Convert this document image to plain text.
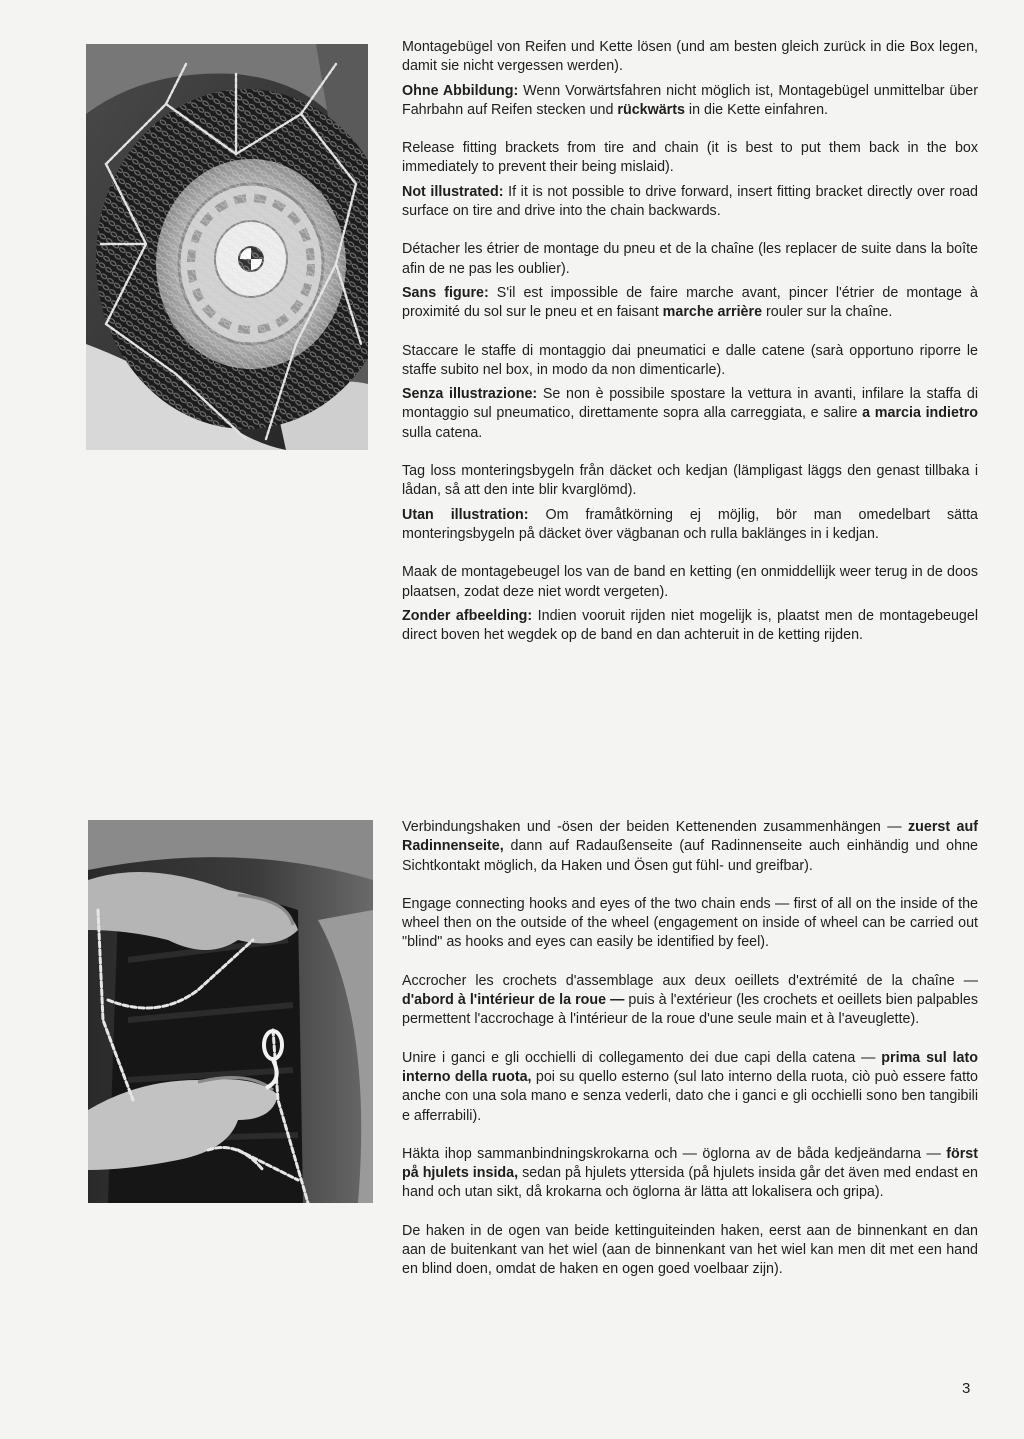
Montagebügel von Reifen und Kette lösen (und am besten gleich zurück in die Box legen, damit sie nicht vergessen werden).

Ohne Abbildung: Wenn Vorwärtsfahren nicht möglich ist, Montagebügel unmittelbar über Fahrbahn auf Reifen stecken und rückwärts in die Kette einfahren.

Release fitting brackets from tire and chain (it is best to put them back in the box immediately to prevent their being mislaid).

Not illustrated: If it is not possible to drive forward, insert fitting bracket directly over road surface on tire and drive into the chain backwards.

Détacher les étrier de montage du pneu et de la chaîne (les replacer de suite dans la boîte afin de ne pas les oublier).

Sans figure: S'il est impossible de faire marche avant, pincer l'étrier de montage à proximité du sol sur le pneu et en faisant marche arrière rouler sur la chaîne.

Staccare le staffe di montaggio dai pneumatici e dalle catene (sarà opportuno riporre le staffe subito nel box, in modo da non dimenticarle).

Senza illustrazione: Se non è possibile spostare la vettura in avanti, infilare la staffa di montaggio sul pneumatico, direttamente sopra alla carreggiata, e salire a marcia indietro sulla catena.

Tag loss monteringsbygeln från däcket och kedjan (lämpligast läggs den genast tillbaka i lådan, så att den inte blir kvarglömd).

Utan illustration: Om framåtkörning ej möjlig, bör man omedelbart sätta monteringsbygeln på däcket över vägbanan och rulla baklänges in i kedjan.

Maak de montagebeugel los van de band en ketting (en onmiddellijk weer terug in de doos plaatsen, zodat deze niet wordt vergeten).

Zonder afbeelding: Indien vooruit rijden niet mogelijk is, plaatst men de montagebeugel direct boven het wegdek op de band en dan achteruit in de ketting rijden.

Verbindungshaken und -ösen der beiden Kettenenden zusammenhängen — zuerst auf Radinnenseite, dann auf Radaußenseite (auf Radinnenseite auch einhändig und ohne Sichtkontakt möglich, da Haken und Ösen gut fühl- und greifbar).

Engage connecting hooks and eyes of the two chain ends — first of all on the inside of the wheel then on the outside of the wheel (engagement on inside of wheel can be carried out "blind" as hooks and eyes can easily be identified by feel).

Accrocher les crochets d'assemblage aux deux oeillets d'extrémité de la chaîne — d'abord à l'intérieur de la roue — puis à l'extérieur (les crochets et oeillets bien palpables permettent l'accrochage à l'intérieur de la roue d'une seule main et à l'aveuglette).

Unire i ganci e gli occhielli di collegamento dei due capi della catena — prima sul lato interno della ruota, poi su quello esterno (sul lato interno della ruota, ciò può essere fatto anche con una sola mano e senza vederli, dato che i ganci e gli occhielli sono ben tangibili e afferrabili).

Häkta ihop sammanbindningskrokarna och — öglorna av de båda kedjeändarna — först på hjulets insida, sedan på hjulets yttersida (på hjulets insida går det även med endast en hand och utan sikt, då krokarna och öglorna är lätta att lokalisera och gripa).

De haken in de ogen van beide kettinguiteinden haken, eerst aan de binnenkant en dan aan de buitenkant van het wiel (aan de binnenkant van het wiel kan men dit met een hand en blind doen, omdat de haken en ogen goed voelbaar zijn).

3
